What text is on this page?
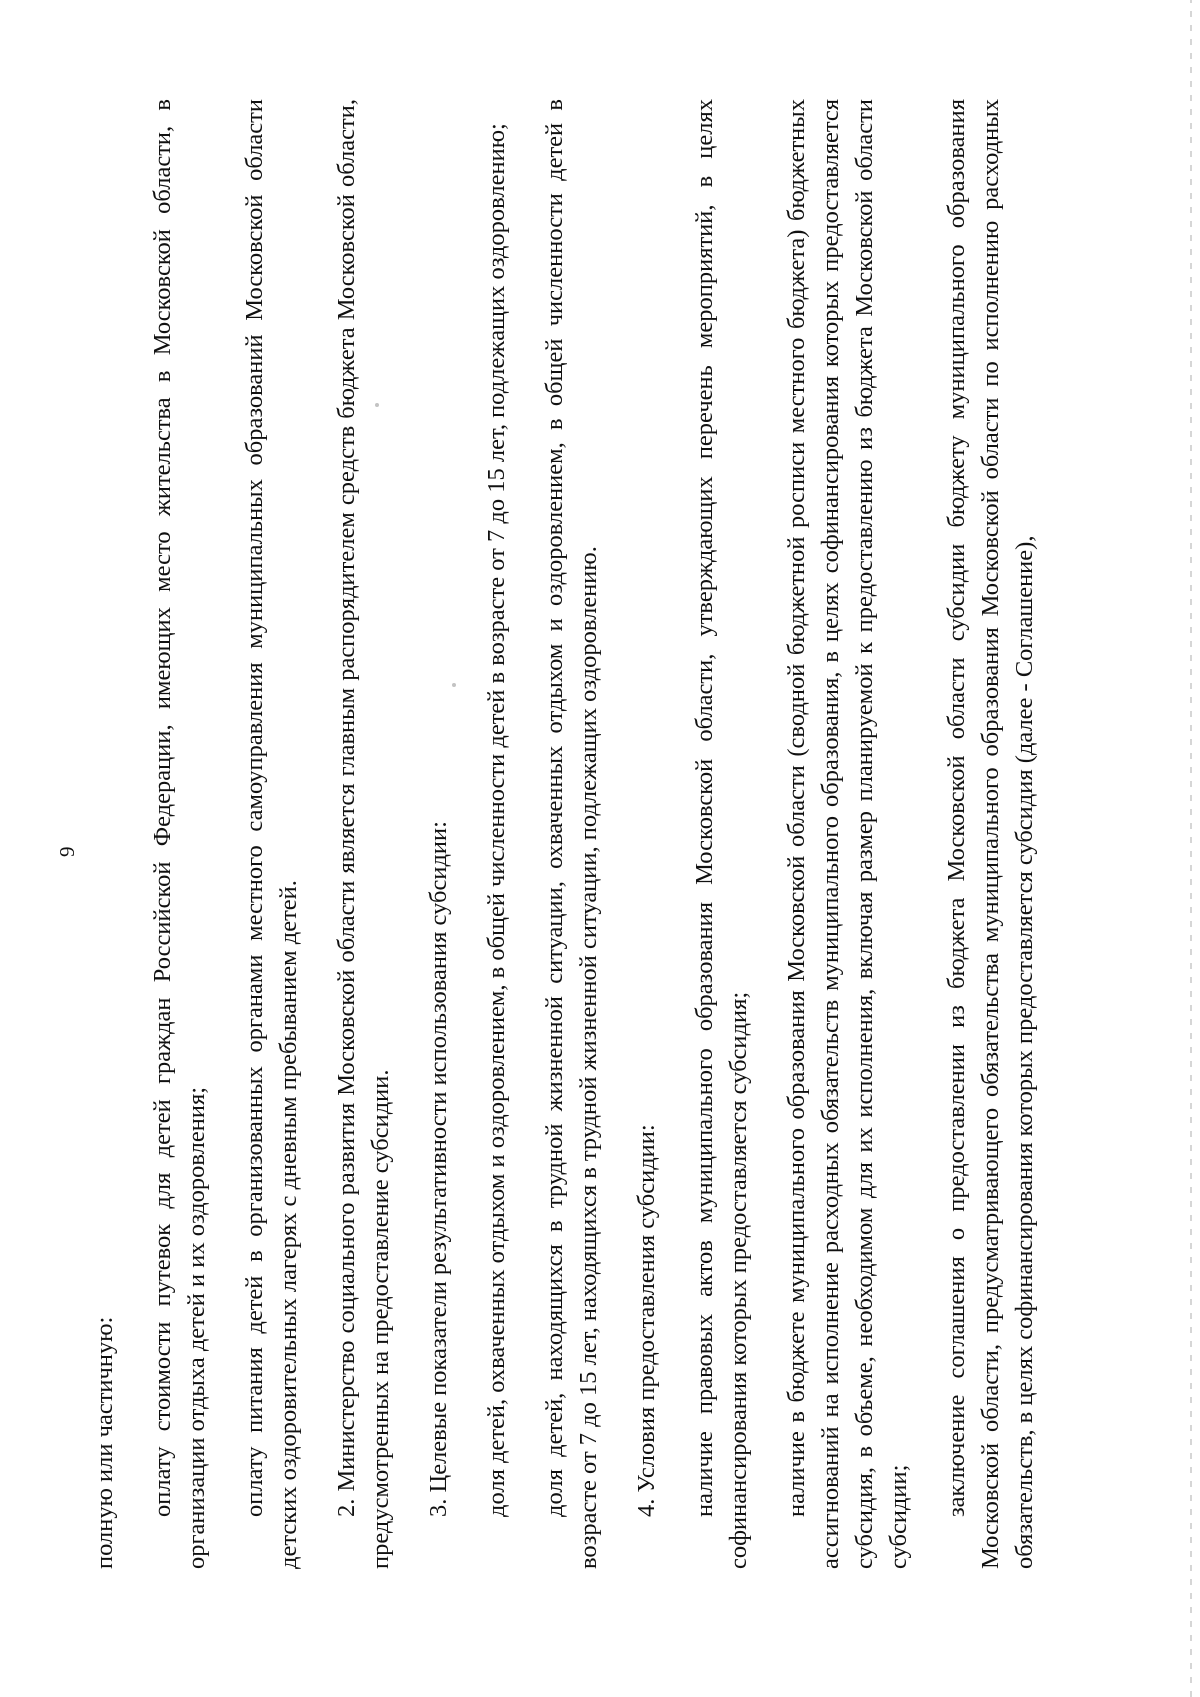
9

полную или частичную: оплату стоимости путевок для детей граждан Российской Федерации, имеющих место жительства в Московской области, в организации отдыха детей и их оздоровления; оплату питания детей в организованных органами местного самоуправления муниципальных образований Московской области детских оздоровительных лагерях с дневным пребыванием детей. 2. Министерство социального развития Московской области является главным распорядителем средств бюджета Московской области, предусмотренных на предоставление субсидии. 3. Целевые показатели результативности использования субсидии: доля детей, охваченных отдыхом и оздоровлением, в общей численности детей в возрасте от 7 до 15 лет, подлежащих оздоровлению; доля детей, находящихся в трудной жизненной ситуации, охваченных отдыхом и оздоровлением, в общей численности детей в возрасте от 7 до 15 лет, находящихся в трудной жизненной ситуации, подлежащих оздоровлению. 4. Условия предоставления субсидии: наличие правовых актов муниципального образования Московской области, утверждающих перечень мероприятий, в целях софинансирования которых предоставляется субсидия; наличие в бюджете муниципального образования Московской области (сводной бюджетной росписи местного бюджета) бюджетных ассигнований на исполнение расходных обязательств муниципального образования, в целях софинансирования которых предоставляется субсидия, в объеме, необходимом для их исполнения, включая размер планируемой к предоставлению из бюджета Московской области субсидии; заключение соглашения о предоставлении из бюджета Московской области субсидии бюджету муниципального образования Московской области, предусматривающего обязательства муниципального образования Московской области по исполнению расходных обязательств, в целях софинансирования которых предоставляется субсидия (далее - Соглашение),
